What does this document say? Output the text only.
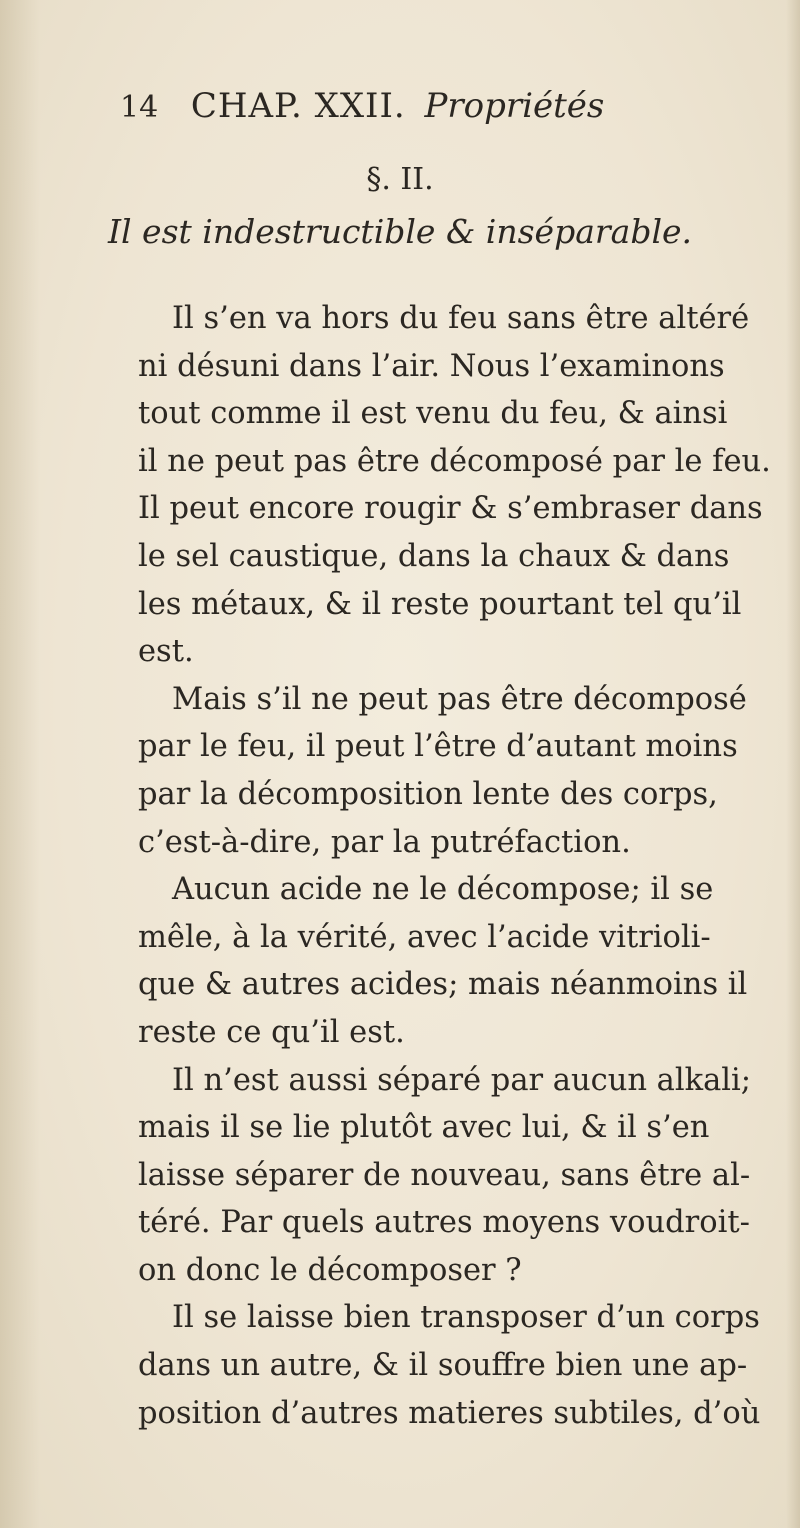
14 CHAP. XXII. Propriétés
§. II.
Il est indestructible & inséparable.
Il s’en va hors du feu sans être altéré
ni désuni dans l’air. Nous l’examinons
tout comme il est venu du feu, & ainsi
il ne peut pas être décomposé par le feu.
Il peut encore rougir & s’embraser dans
le sel caustique, dans la chaux & dans
les métaux, & il reste pourtant tel qu’il
est.
Mais s’il ne peut pas être décomposé
par le feu, il peut l’être d’autant moins
par la décomposition lente des corps,
c’est-à-dire, par la putréfaction.
Aucun acide ne le décompose; il se
mêle, à la vérité, avec l’acide vitrioli-
que & autres acides; mais néanmoins il
reste ce qu’il est.
Il n’est aussi séparé par aucun alkali;
mais il se lie plutôt avec lui, & il s’en
laisse séparer de nouveau, sans être al-
téré. Par quels autres moyens voudroit-
on donc le décomposer ?
Il se laisse bien transposer d’un corps
dans un autre, & il souffre bien une ap-
position d’autres matieres subtiles, d’où
